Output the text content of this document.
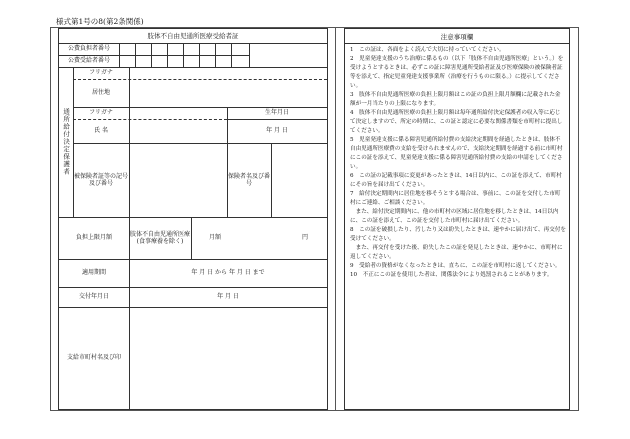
様式第1号の8(第2条関係)
肢体不自由児通所医療受給者証
公費負担者番号
公費受給者番号
通所給付決定保護者
フリガナ
居住地
フリガナ	生年月日
氏 名	年 月 日
被保険者証等の記号及び番号
保険者名及び番号
負担上限月額
肢体不自由児通所医療(食事療養を除く)
月額	円
適用期間	年 月 日 から 年 月 日 まで
交付年月日	年 月 日
支給市町村名及び印
注意事項欄

1　この証は、各面をよく読んで大切に持っていてください。

2　児童発達支援のうち治療に係るもの（以下「肢体不自由児通所医療」という。）を受けようとするときは、必ずこの証に障害児通所受給者証及び医療保険の被保険者証等を添えて、指定児童発達支援事業所（治療を行うものに限る。）に提示してください。

3　肢体不自由児通所医療の負担上限月額はこの証の負担上限月額欄に記載された金額が一月当たりの上限になります。

4　肢体不自由児通所医療の負担上限月額は毎年通所給付決定保護者の収入等に応じて決定しますので、所定の時期に、この証と認定に必要な関係書類を市町村に提出してください。

5　児童発達支援に係る障害児通所給付費の支給決定期間を経過したときは、肢体不自由児通所医療費の支給を受けられませんので、支給決定期間を経過する前に市町村にこの証を添えて、児童発達支援に係る障害児通所給付費の支給の申請をしてください。

6　この証の記載事項に変更があったときは、14日以内に、この証を添えて、市町村にその旨を届け出てください。

7　給付決定期間内に居住地を移そうとする場合は、事前に、この証を交付した市町村にご連絡、ご相談ください。

　また、給付決定期間内に、他の市町村の区域に居住地を移したときは、14日以内に、この証を添えて、この証を交付した市町村に届け出てください。

8　この証を破損したり、汚したり又は紛失したときは、速やかに届け出て、再交付を受けてください。

　また、再交付を受けた後、紛失したこの証を発見したときは、速やかに、市町村に返してください。

9　受給者の資格がなくなったときは、直ちに、この証を市町村に返してください。

10　不正にこの証を使用した者は、関係法令により処罰されることがあります。
